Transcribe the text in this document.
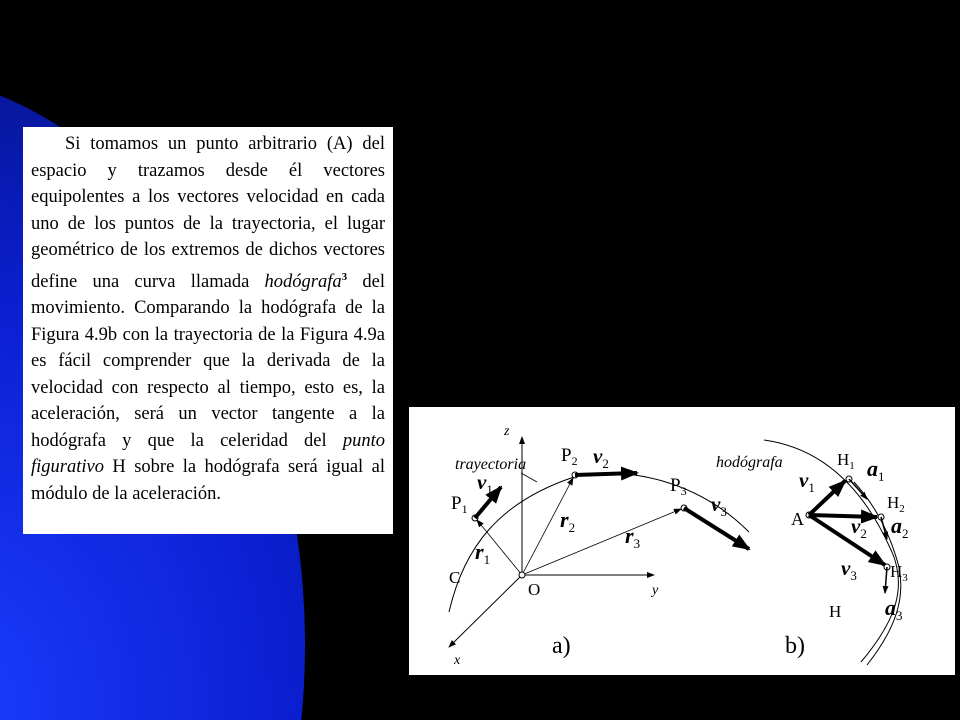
Si tomamos un punto arbitrario (A) del espacio y trazamos desde él vectores equipolentes a los vectores velocidad en cada uno de los puntos de la trayectoria, el lugar geométrico de los extremos de dichos vectores define una curva llamada hodógrafa$^3$ del movimiento. Comparando la hodógrafa de la Figura 4.9b con la trayectoria de la Figura 4.9a es fácil comprender que la derivada de la velocidad con respecto al tiempo, esto es, la aceleración, será un vector tangente a la hodógrafa y que la celeridad del punto figurativo H sobre la hodógrafa será igual al módulo de la aceleración.

z
y
x
trayectoria
C
O
$P_1$
$P_2$
$P_3$
$v_1$
$v_2$
$v_3$
$r_1$
$r_2$ $r_3$
a)
hodógrafa
A
$H_1$
$H_2$
$H_3$
H
$v_1$
$v_2$
$v_3$
$a_1$
$a_2$
$a_3$
b)
